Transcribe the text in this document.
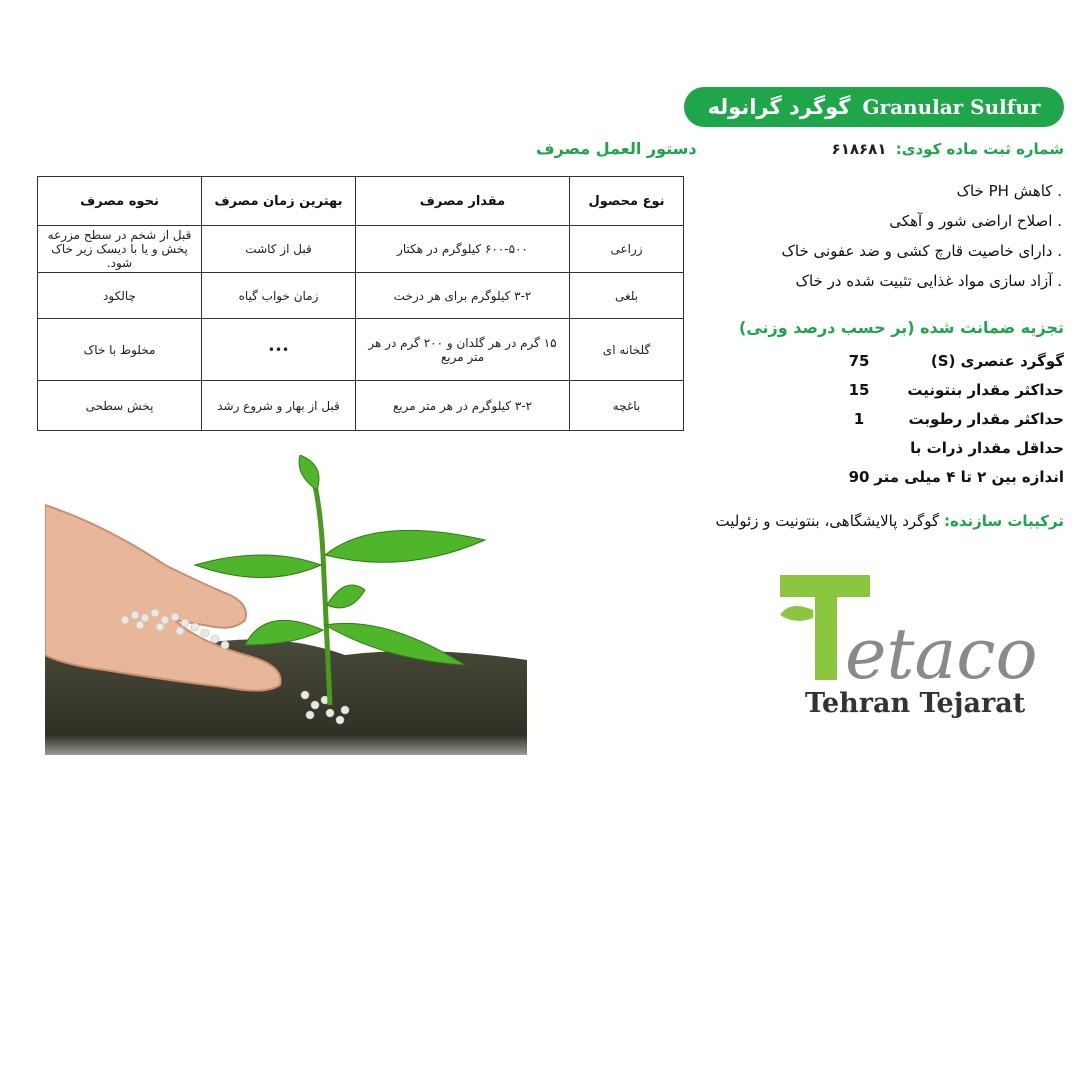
گوگرد گرانوله Granular Sulfur
شماره ثبت ماده کودی: ۶۱۸۶۸۱
. کاهش PH خاک
. اصلاح اراضی شور و آهکی
. دارای خاصیت قارچ کشی و ضد عفونی خاک
. آزاد سازی مواد غذایی تثبیت شده در خاک
تجزیه ضمانت شده (بر حسب درصد وزنی)
گوگرد عنصری (S)
75
حداکثر مقدار بنتونیت
15
حداکثر مقدار رطوبت
1
حداقل مقدار ذرات با
اندازه بین ۲ تا ۴ میلی متر
90
ترکیبات سازنده: گوگرد پالایشگاهی، بنتونیت و زئولیت
دستور العمل مصرف
نوع محصول	مقدار مصرف	بهترین زمان مصرف	نحوه مصرف
زراعی	۶۰۰-۵۰۰ کیلوگرم در هکتار	قبل از کاشت	قبل از شخم در سطح مزرعه پخش و یا با دیسک زیر خاک شود.
بلغی	۳-۲ کیلوگرم برای هر درخت	زمان خواب گیاه	چالکود
گلخانه ای	۱۵ گرم در هر گلدان و ۲۰۰ گرم در هر متر مربع	•••	مخلوط با خاک
باغچه	۳-۲ کیلوگرم در هر متر مربع	قبل از بهار و شروع رشد	پخش سطحی
etaco
Tehran Tejarat
